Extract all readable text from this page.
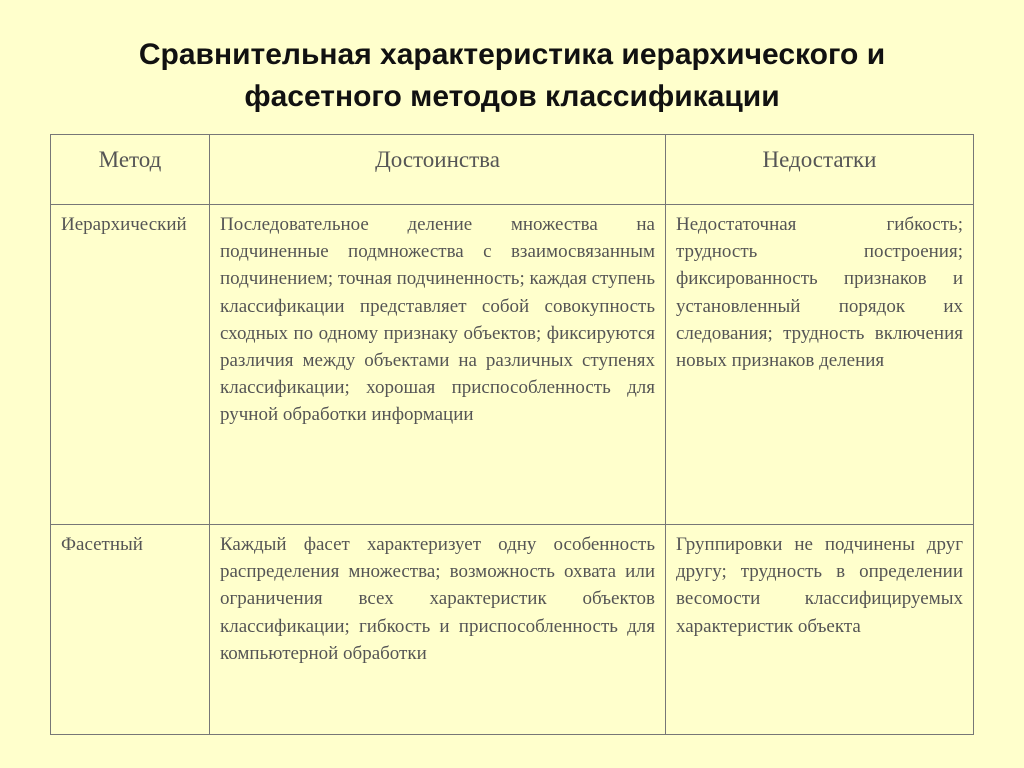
Сравнительная характеристика иерархического и
фасетного методов классификации
Метод	Достоинства	Недостатки
Иерархический	Последовательное деление множества на подчиненные подмножества с взаимосвязанным подчинением; точная подчиненность; каждая ступень классификации представляет собой совокупность сходных по одному признаку объектов; фиксируются различия между объектами на различных ступенях классификации; хорошая приспособленность для ручной обработки информации	Недостаточная гибкость; трудность построения; фиксированность признаков и установленный порядок их следования; трудность включения новых признаков деления
Фасетный	Каждый фасет характеризует одну особенность распределения множества; возможность охвата или ограничения всех характеристик объектов классификации; гибкость и приспособленность для компьютерной обработки	Группировки не подчинены друг другу; трудность в определении весомости классифицируемых характеристик объекта
